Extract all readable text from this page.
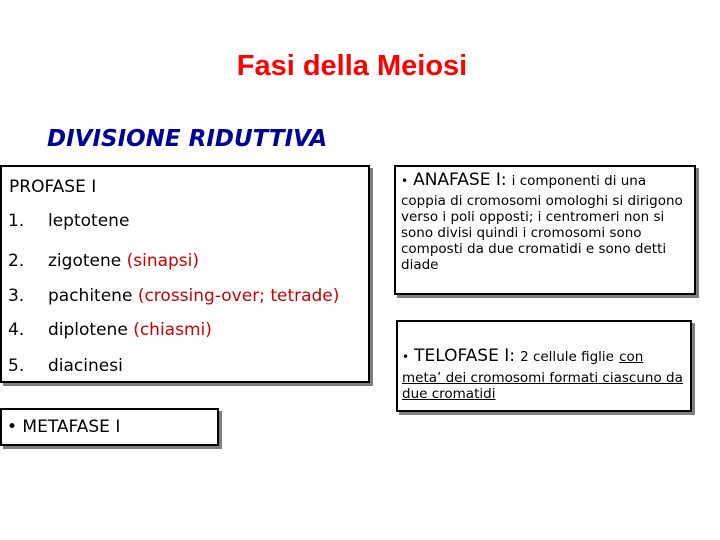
Fasi della Meiosi
DIVISIONE RIDUTTIVA
PROFASE I
1. leptotene
2. zigotene (sinapsi)
3. pachitene (crossing-over; tetrade)
4. diplotene (chiasmi)
5. diacinesi
• METAFASE I
• ANAFASE I: i componenti di una
coppia di cromosomi omologhi si dirigono verso i poli opposti; i centromeri non si sono divisi quindi i cromosomi sono composti da due cromatidi e sono detti diade
• TELOFASE I: 2 cellule figlie con
meta’ dei cromosomi formati ciascuno da due cromatidi
